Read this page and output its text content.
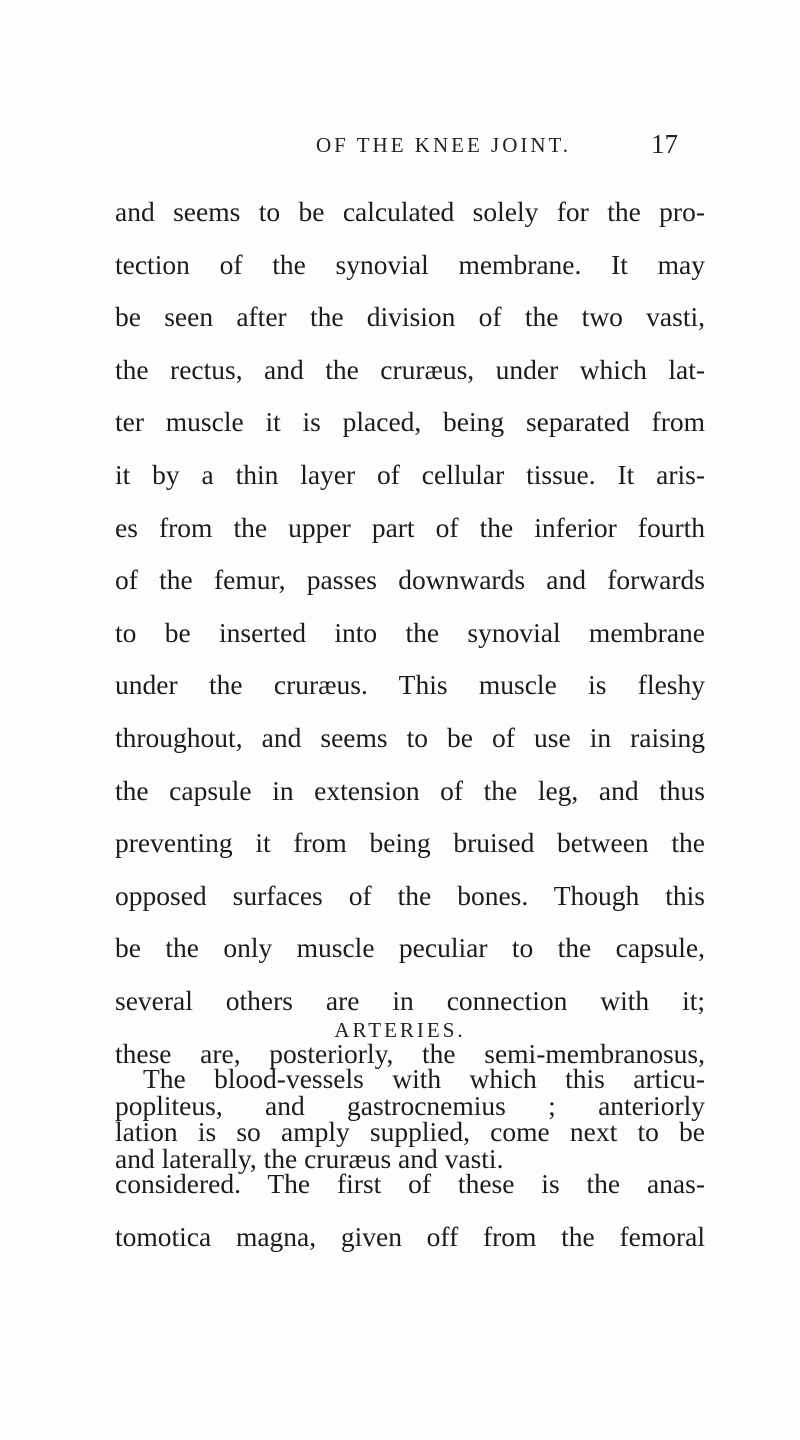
OF THE KNEE JOINT.	17
and seems to be calculated solely for the pro-
tection of the synovial membrane. It may
be seen after the division of the two vasti,
the rectus, and the cruræus, under which lat-
ter muscle it is placed, being separated from
it by a thin layer of cellular tissue. It aris-
es from the upper part of the inferior fourth
of the femur, passes downwards and forwards
to be inserted into the synovial membrane
under the cruræus. This muscle is fleshy
throughout, and seems to be of use in raising
the capsule in extension of the leg, and thus
preventing it from being bruised between the
opposed surfaces of the bones. Though this
be the only muscle peculiar to the capsule,
several others are in connection with it;
these are, posteriorly, the semi-membranosus,
popliteus, and gastrocnemius ; anteriorly
and laterally, the cruræus and vasti.
ARTERIES.
The blood-vessels with which this articu-
lation is so amply supplied, come next to be
considered. The first of these is the anas-
tomotica magna, given off from the femoral
